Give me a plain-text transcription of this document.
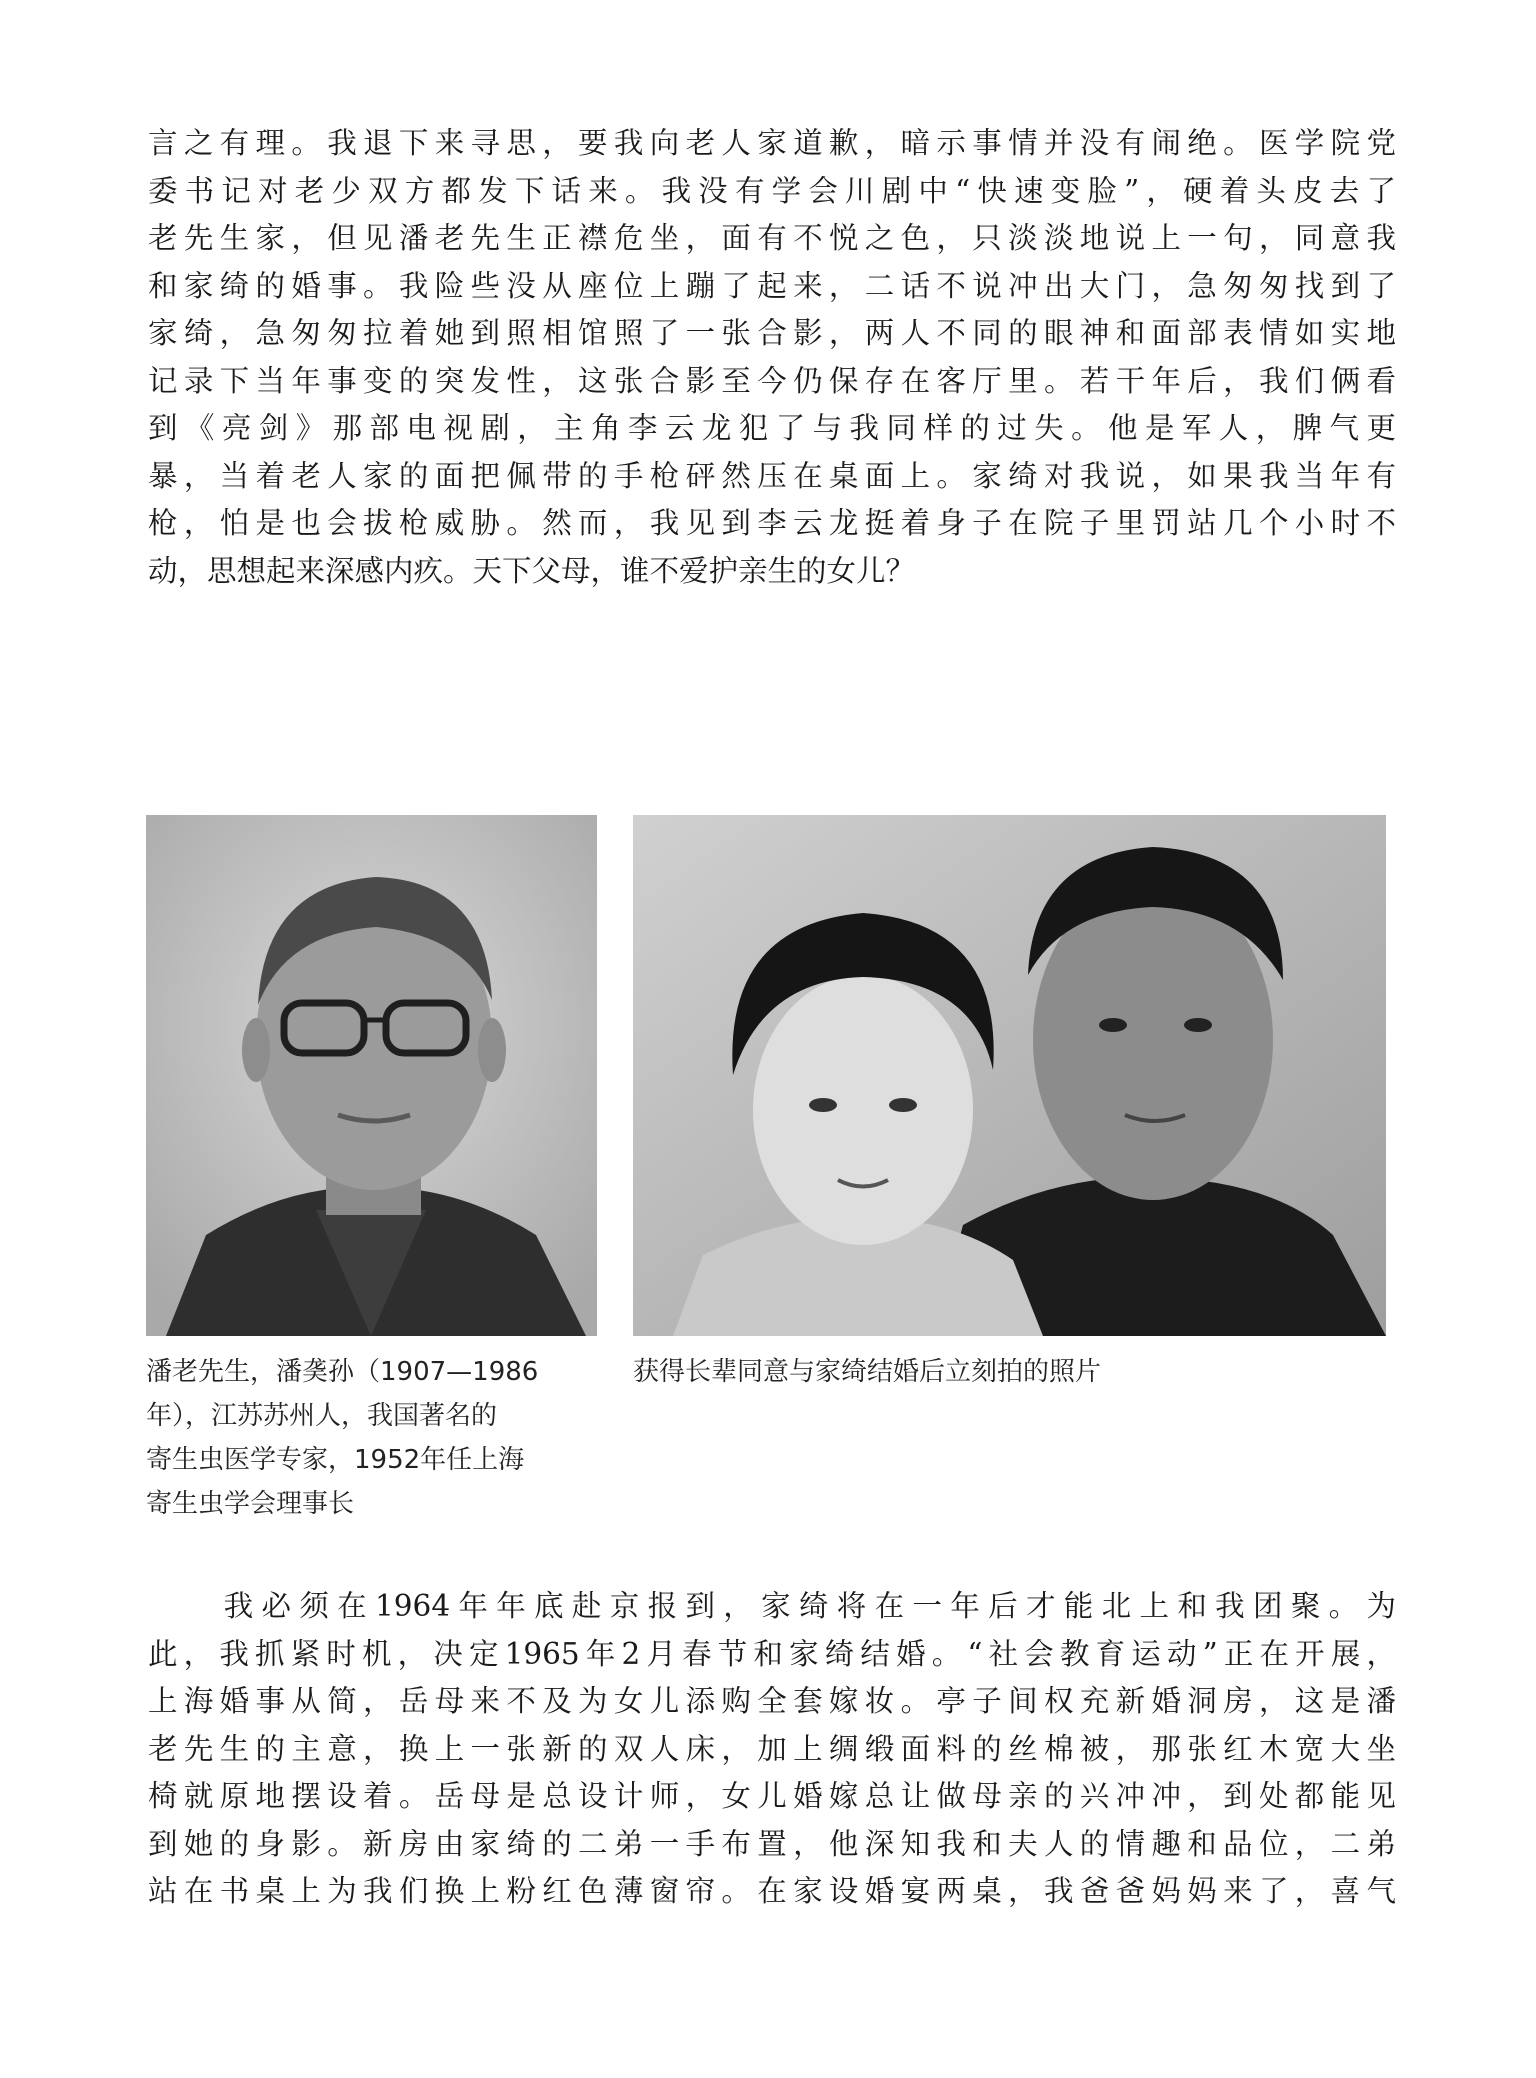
言之有理。我退下来寻思，要我向老人家道歉，暗示事情并没有闹绝。医学院党
委书记对老少双方都发下话来。我没有学会川剧中“快速变脸”，硬着头皮去了
老先生家，但见潘老先生正襟危坐，面有不悦之色，只淡淡地说上一句，同意我
和家绮的婚事。我险些没从座位上蹦了起来，二话不说冲出大门，急匆匆找到了
家绮，急匆匆拉着她到照相馆照了一张合影，两人不同的眼神和面部表情如实地
记录下当年事变的突发性，这张合影至今仍保存在客厅里。若干年后，我们俩看
到《亮剑》那部电视剧，主角李云龙犯了与我同样的过失。他是军人，脾气更
暴，当着老人家的面把佩带的手枪砰然压在桌面上。家绮对我说，如果我当年有
枪，怕是也会拔枪威胁。然而，我见到李云龙挺着身子在院子里罚站几个小时不
动，思想起来深感内疚。天下父母，谁不爱护亲生的女儿？
潘老先生，潘䶮孙（1907—1986
年），江苏苏州人，我国著名的
寄生虫医学专家，1952年任上海
寄生虫学会理事长
获得长辈同意与家绮结婚后立刻拍的照片
　　我必须在1964年年底赴京报到，家绮将在一年后才能北上和我团聚。为
此，我抓紧时机，决定1965年2月春节和家绮结婚。“社会教育运动”正在开展，
上海婚事从简，岳母来不及为女儿添购全套嫁妆。亭子间权充新婚洞房，这是潘
老先生的主意，换上一张新的双人床，加上绸缎面料的丝棉被，那张红木宽大坐
椅就原地摆设着。岳母是总设计师，女儿婚嫁总让做母亲的兴冲冲，到处都能见
到她的身影。新房由家绮的二弟一手布置，他深知我和夫人的情趣和品位，二弟
站在书桌上为我们换上粉红色薄窗帘。在家设婚宴两桌，我爸爸妈妈来了，喜气
